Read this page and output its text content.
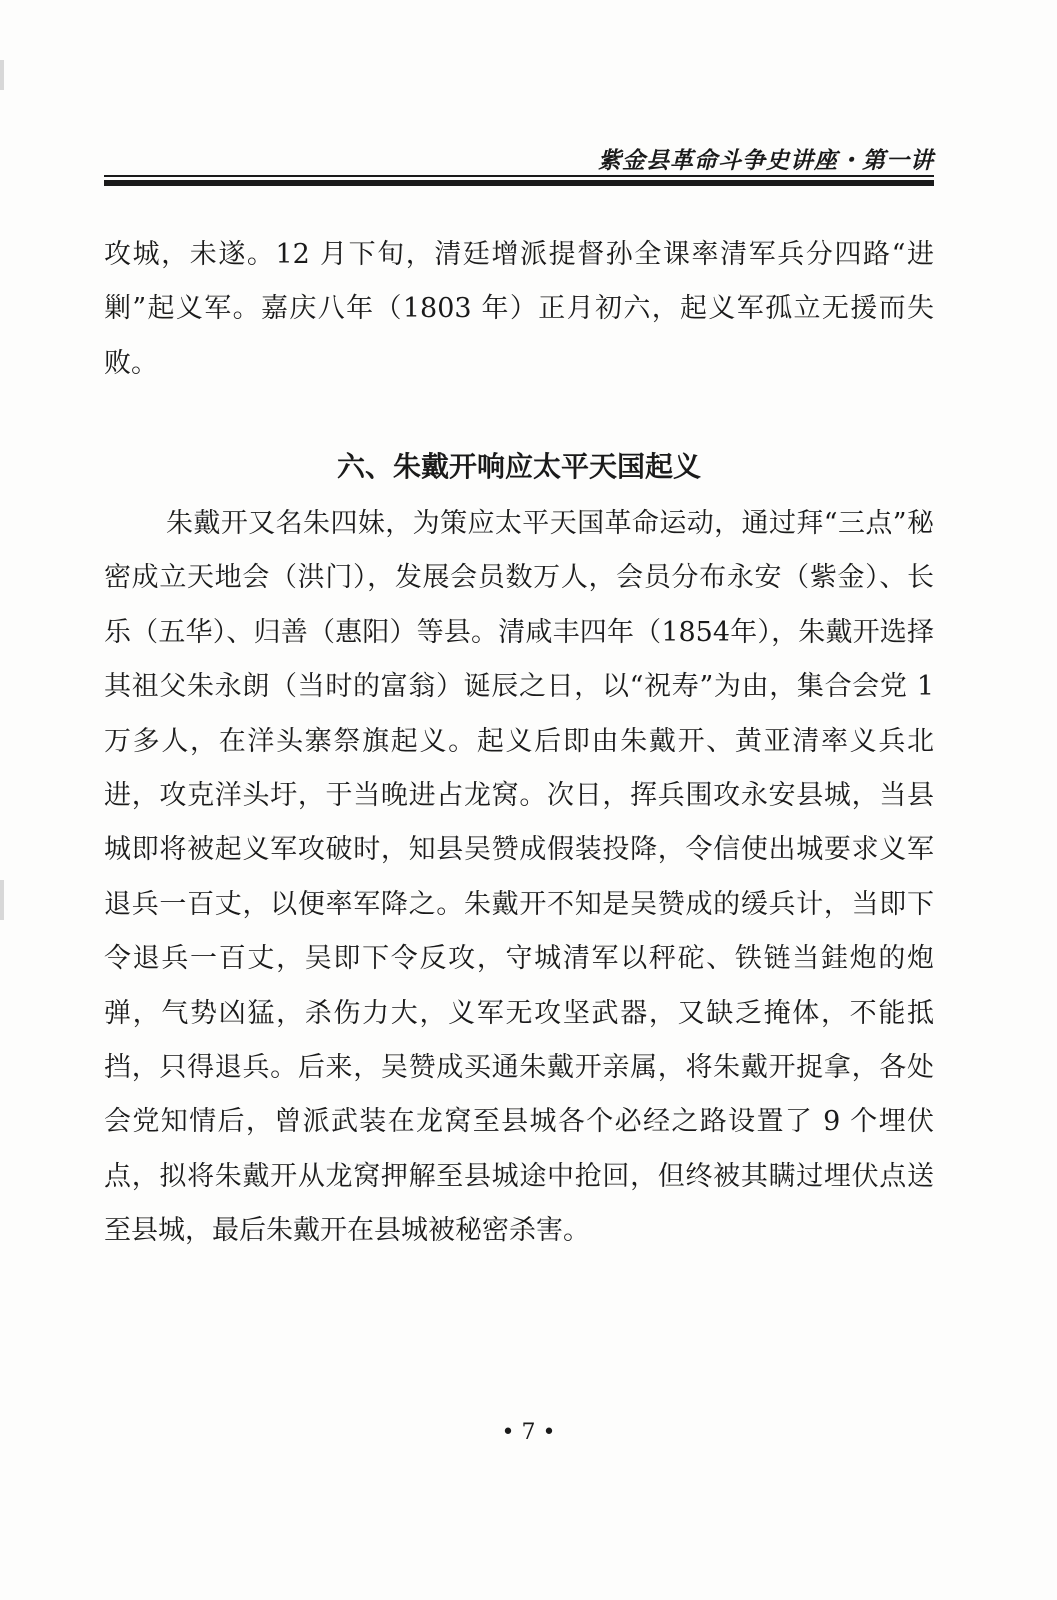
紫金县革命斗争史讲座・第一讲

攻城，未遂。12 月下旬，清廷增派提督孙全课率清军兵分四路“进剿”起义军。嘉庆八年（1803 年）正月初六，起义军孤立无援而失败。

六、朱戴开响应太平天国起义

朱戴开又名朱四妹，为策应太平天国革命运动，通过拜“三点”秘密成立天地会（洪门），发展会员数万人，会员分布永安（紫金）、长乐（五华）、归善（惠阳）等县。清咸丰四年（1854年），朱戴开选择其祖父朱永朗（当时的富翁）诞辰之日，以“祝寿”为由，集合会党 1 万多人，在洋头寨祭旗起义。起义后即由朱戴开、黄亚清率义兵北进，攻克洋头圩，于当晚进占龙窝。次日，挥兵围攻永安县城，当县城即将被起义军攻破时，知县吴赞成假装投降，令信使出城要求义军退兵一百丈，以便率军降之。朱戴开不知是吴赞成的缓兵计，当即下令退兵一百丈，吴即下令反攻，守城清军以秤砣、铁链当銈炮的炮弹，气势凶猛，杀伤力大，义军无攻坚武器，又缺乏掩体，不能抵挡，只得退兵。后来，吴赞成买通朱戴开亲属，将朱戴开捉拿，各处会党知情后，曾派武装在龙窝至县城各个必经之路设置了 9 个埋伏点，拟将朱戴开从龙窝押解至县城途中抢回，但终被其瞒过埋伏点送至县城，最后朱戴开在县城被秘密杀害。

• 7 •
